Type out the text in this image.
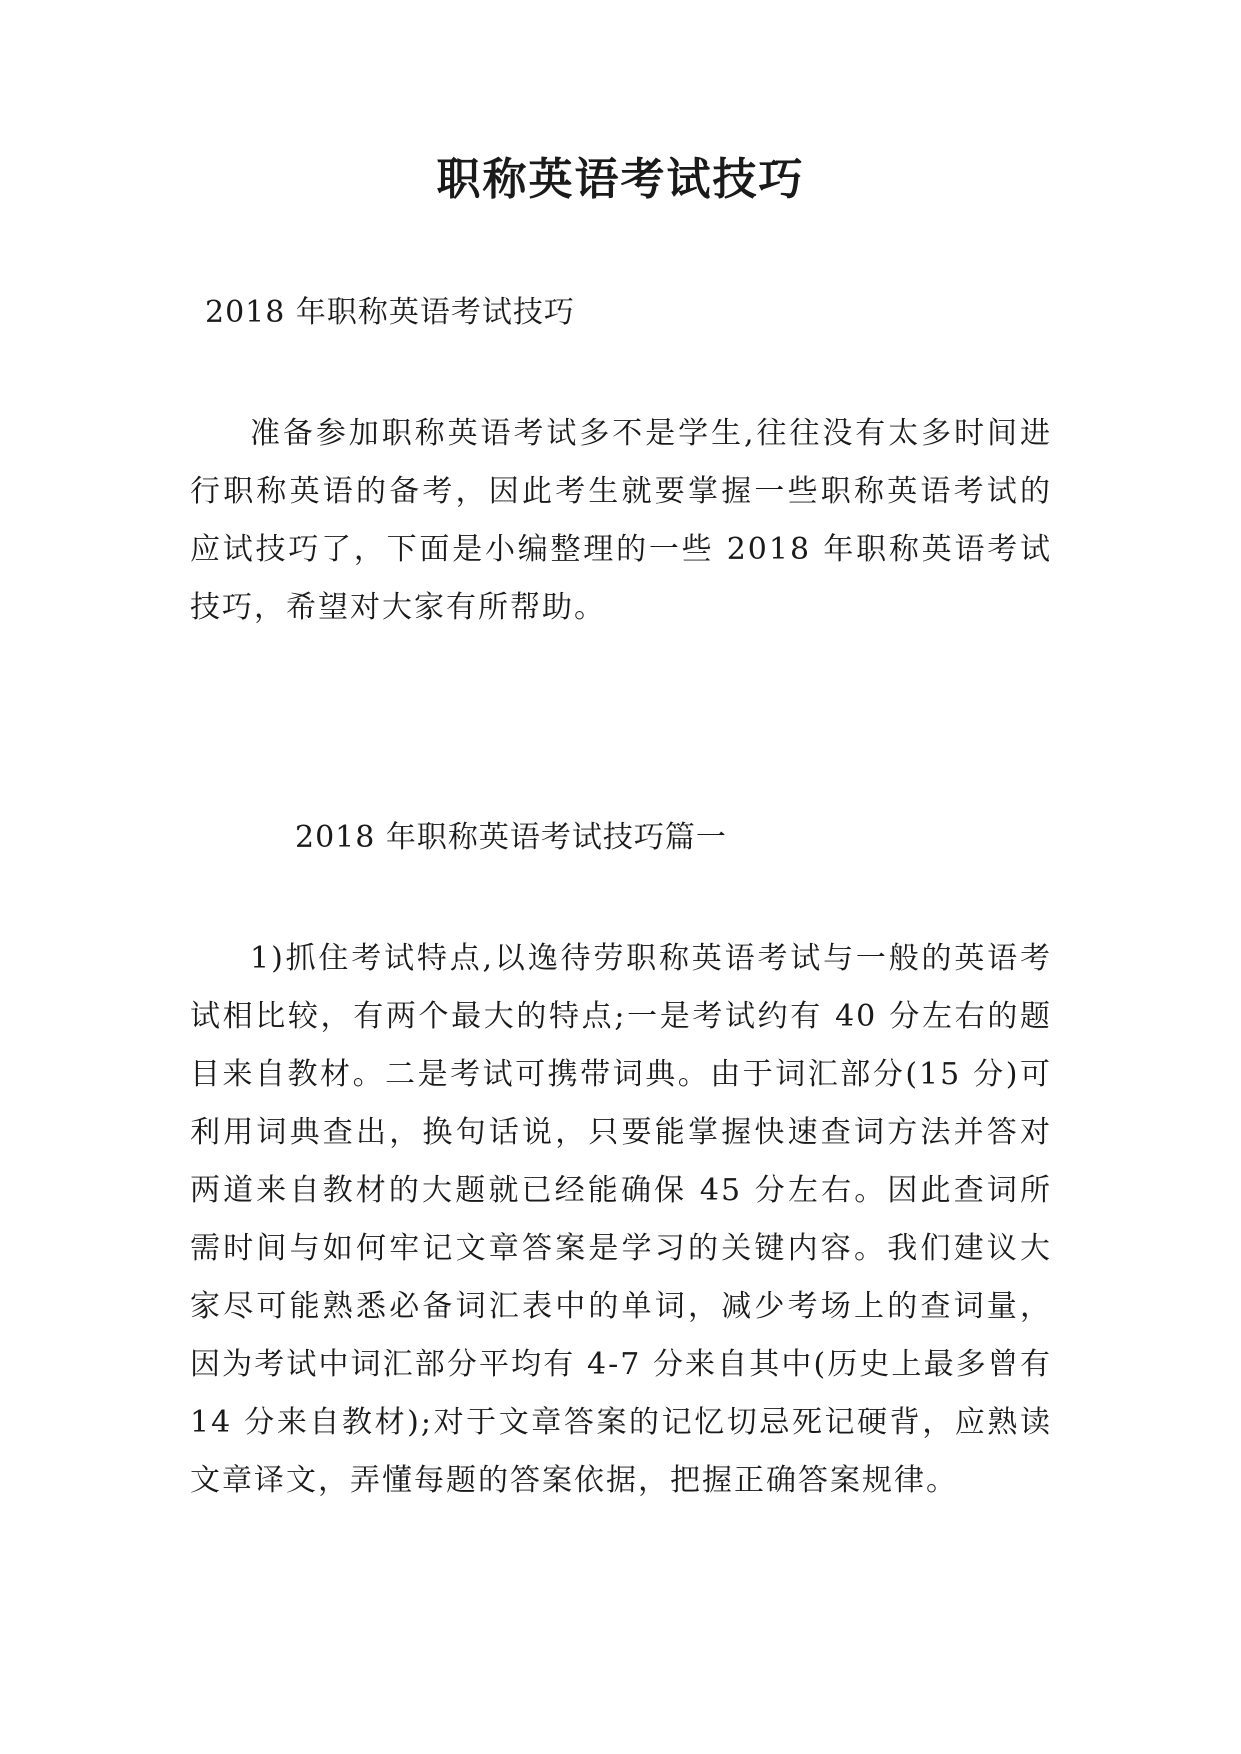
职称英语考试技巧

2018 年职称英语考试技巧

准备参加职称英语考试多不是学生,往往没有太多时间进行职称英语的备考，因此考生就要掌握一些职称英语考试的应试技巧了，下面是小编整理的一些 2018 年职称英语考试技巧，希望对大家有所帮助。

2018 年职称英语考试技巧篇一

1)抓住考试特点,以逸待劳职称英语考试与一般的英语考试相比较，有两个最大的特点;一是考试约有 40 分左右的题目来自教材。二是考试可携带词典。由于词汇部分(15 分)可利用词典查出，换句话说，只要能掌握快速查词方法并答对两道来自教材的大题就已经能确保 45 分左右。因此查词所需时间与如何牢记文章答案是学习的关键内容。我们建议大家尽可能熟悉必备词汇表中的单词，减少考场上的查词量，因为考试中词汇部分平均有 4-7 分来自其中(历史上最多曾有 14 分来自教材);对于文章答案的记忆切忌死记硬背，应熟读文章译文，弄懂每题的答案依据，把握正确答案规律。
